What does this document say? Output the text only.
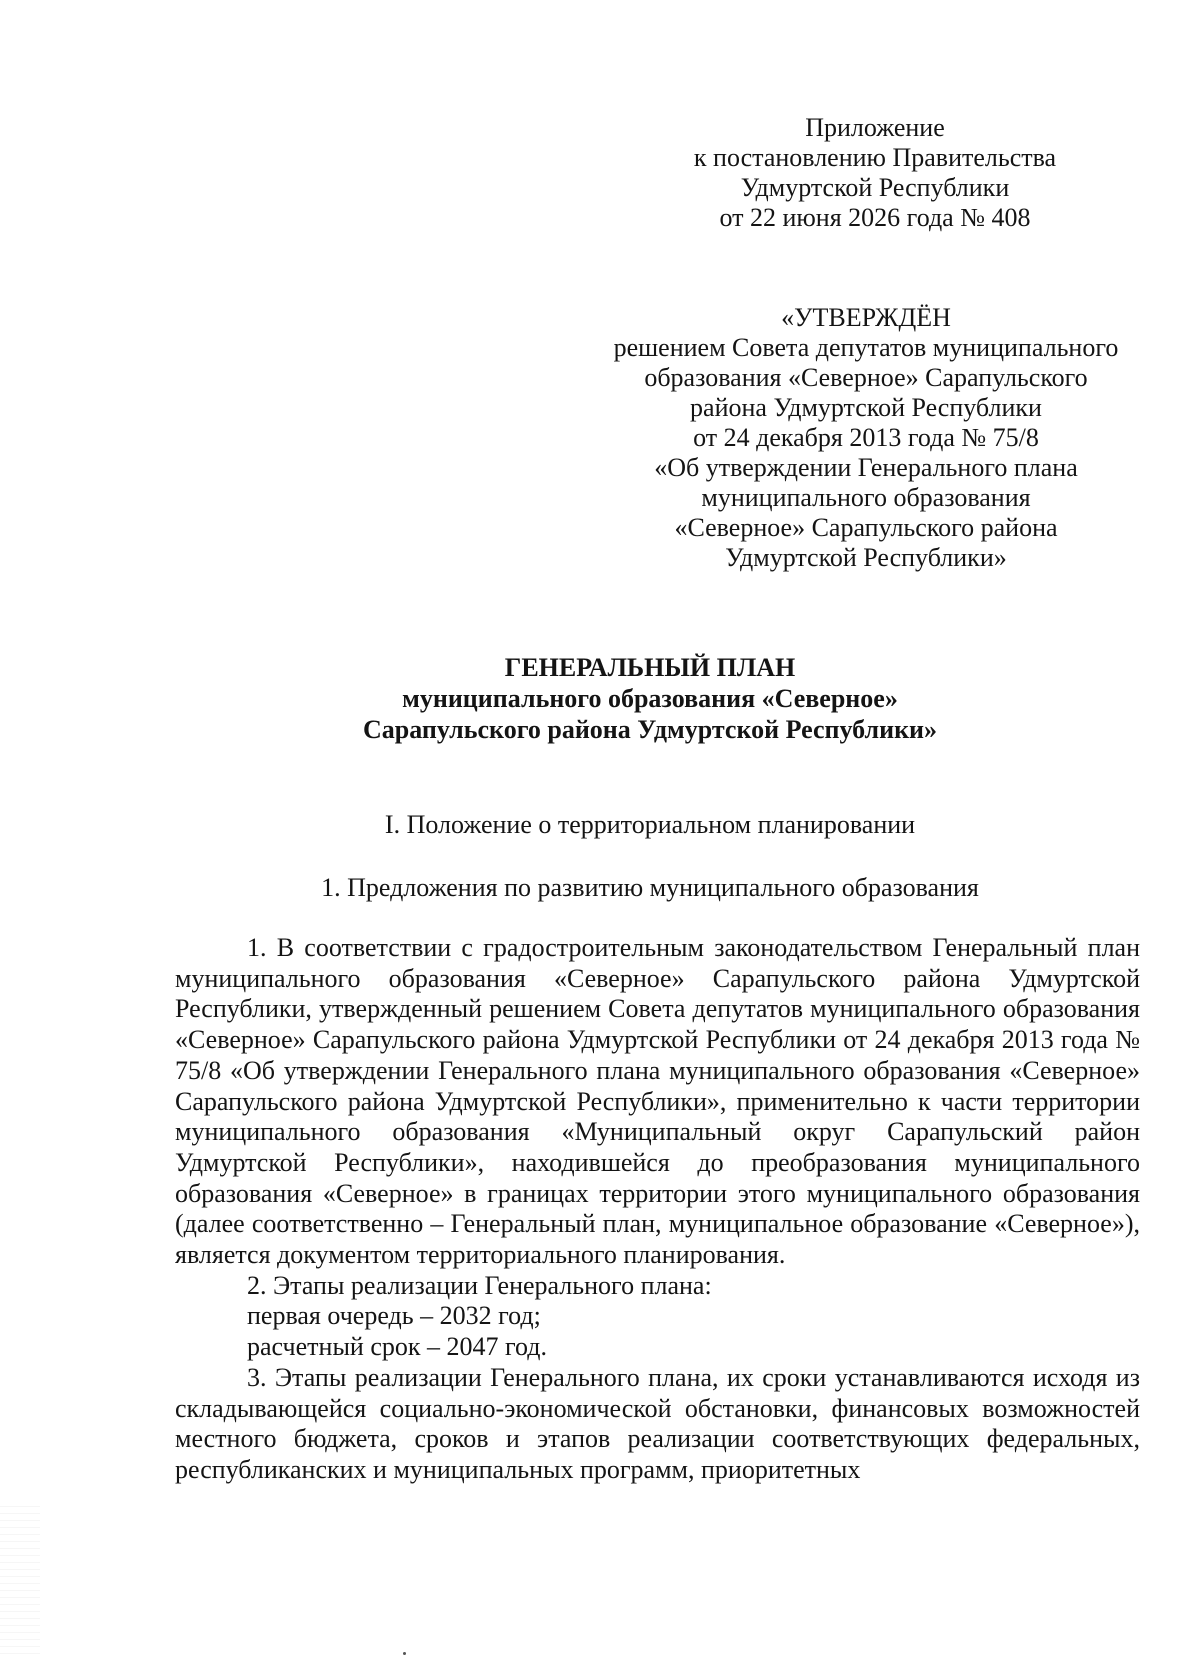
Приложение
к постановлению Правительства
Удмуртской Республики
от 22 июня 2026 года № 408
«УТВЕРЖДЁН
решением Совета депутатов муниципального
образования «Северное» Сарапульского
района Удмуртской Республики
от 24 декабря 2013 года № 75/8
«Об утверждении Генерального плана
муниципального образования
«Северное» Сарапульского района
Удмуртской Республики»
ГЕНЕРАЛЬНЫЙ ПЛАН
муниципального образования «Северное»
Сарапульского района Удмуртской Республики»
I. Положение о территориальном планировании
1. Предложения по развитию муниципального образования

1. В соответствии с градостроительным законодательством Генеральный план муниципального образования «Северное» Сарапульского района Удмуртской Республики, утвержденный решением Совета депутатов муниципального образования «Северное» Сарапульского района Удмуртской Республики от 24 декабря 2013 года № 75/8 «Об утверждении Генерального плана муниципального образования «Северное» Сарапульского района Удмуртской Республики», применительно к части территории муниципального образования «Муниципальный округ Сарапульский район Удмуртской Республики», находившейся до преобразования муниципального образования «Северное» в границах территории этого муниципального образования (далее соответственно – Генеральный план, муниципальное образование «Северное»), является документом территориального планирования.

2. Этапы реализации Генерального плана:

первая очередь – 2032 год;

расчетный срок – 2047 год.

3. Этапы реализации Генерального плана, их сроки устанавливаются исходя из складывающейся социально-экономической обстановки, финансовых возможностей местного бюджета, сроков и этапов реализации соответствующих федеральных, республиканских и муниципальных программ, приоритетных
